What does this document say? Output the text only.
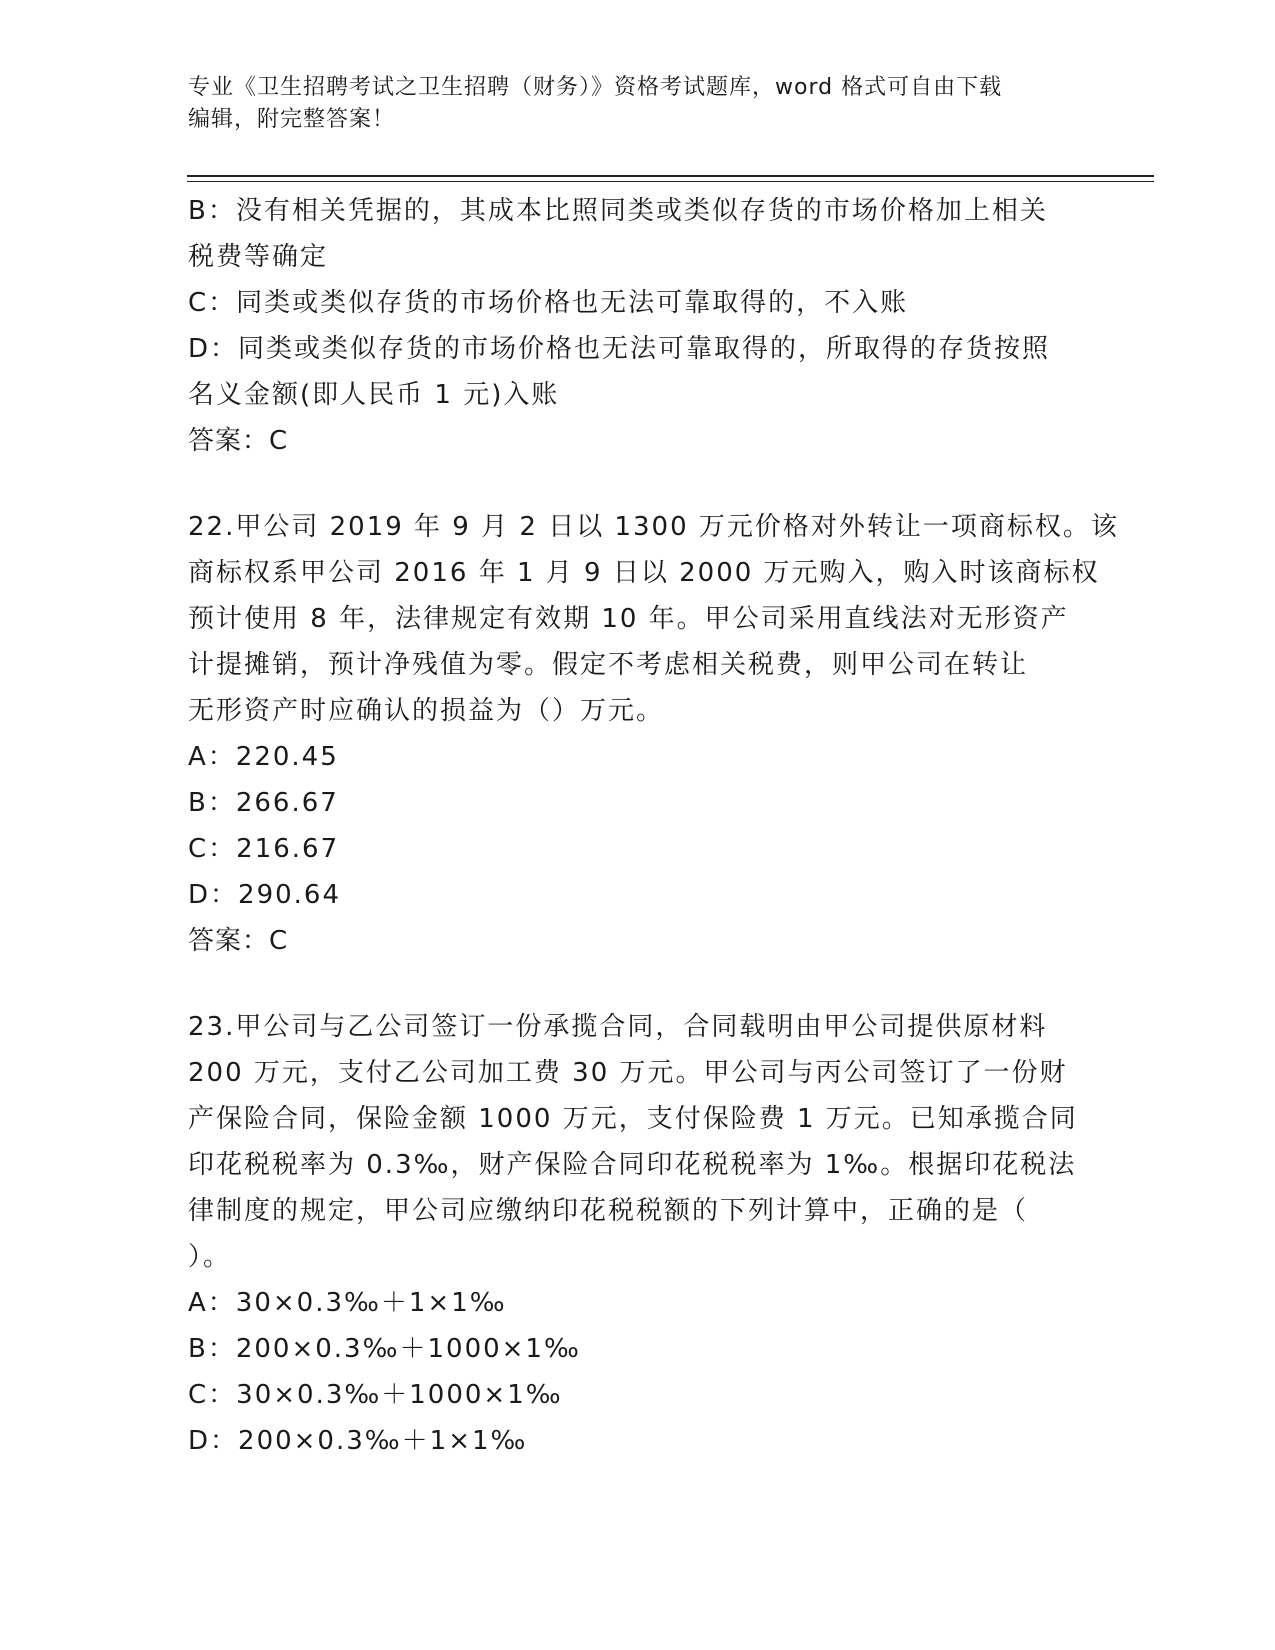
专业《卫生招聘考试之卫生招聘（财务）》资格考试题库，word 格式可自由下载
编辑，附完整答案！
B：没有相关凭据的，其成本比照同类或类似存货的市场价格加上相关
税费等确定
C：同类或类似存货的市场价格也无法可靠取得的，不入账
D：同类或类似存货的市场价格也无法可靠取得的，所取得的存货按照
名义金额(即人民币 1 元)入账
答案：C
22.甲公司 2019 年 9 月 2 日以 1300 万元价格对外转让一项商标权。该
商标权系甲公司 2016 年 1 月 9 日以 2000 万元购入，购入时该商标权
预计使用 8 年，法律规定有效期 10 年。甲公司采用直线法对无形资产
计提摊销，预计净残值为零。假定不考虑相关税费，则甲公司在转让
无形资产时应确认的损益为（）万元。
A：220.45
B：266.67
C：216.67
D：290.64
答案：C
23.甲公司与乙公司签订一份承揽合同，合同载明由甲公司提供原材料
200 万元，支付乙公司加工费 30 万元。甲公司与丙公司签订了一份财
产保险合同，保险金额 1000 万元，支付保险费 1 万元。已知承揽合同
印花税税率为 0.3‰，财产保险合同印花税税率为 1‰。根据印花税法
律制度的规定，甲公司应缴纳印花税税额的下列计算中，正确的是（
）。
A：30×0.3‰＋1×1‰
B：200×0.3‰＋1000×1‰
C：30×0.3‰＋1000×1‰
D：200×0.3‰＋1×1‰
